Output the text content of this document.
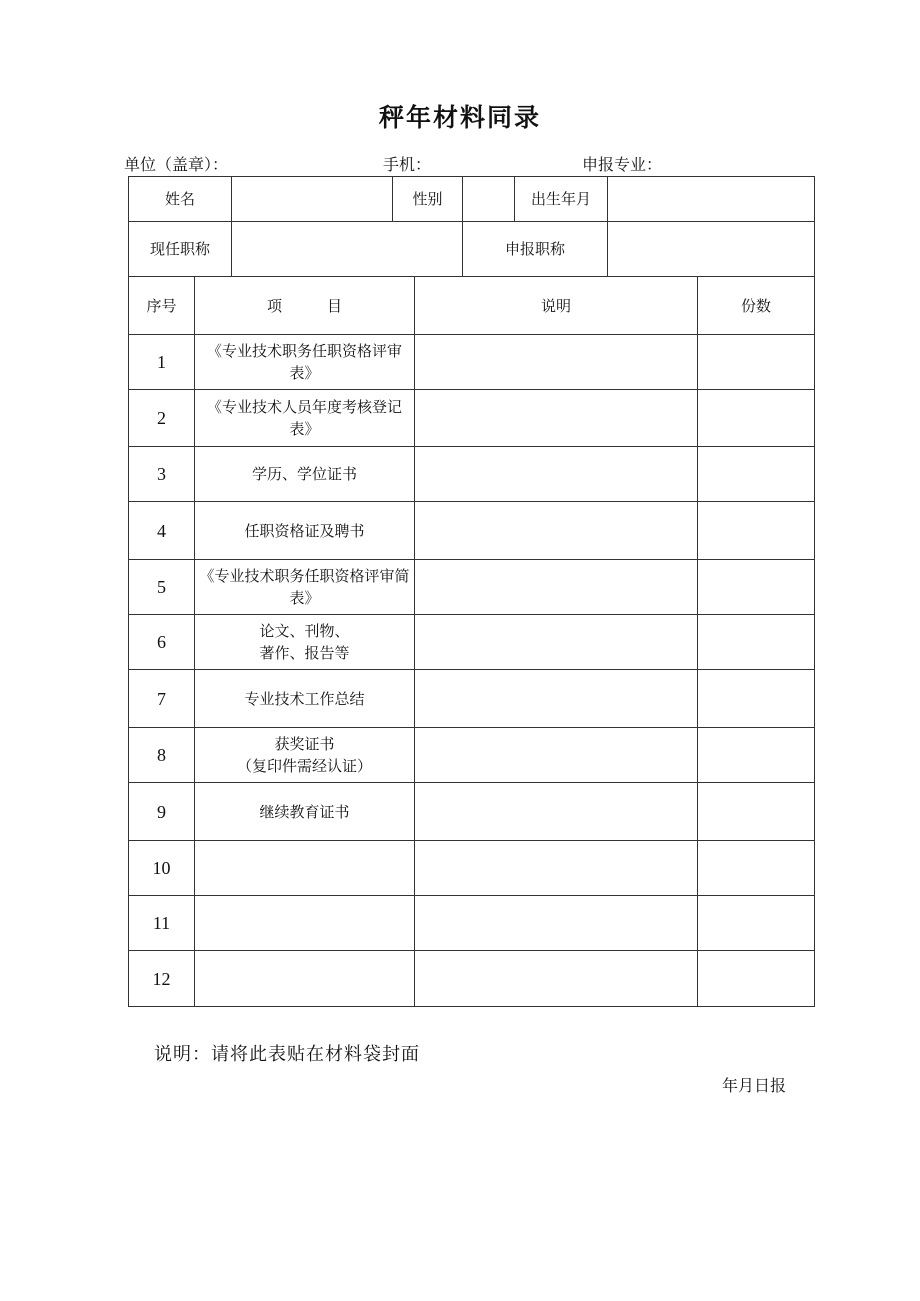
秤年材料同录
单位（盖章）：	手机：	申报专业：
姓名		性别		出生年月	
现任职称			申报职称		
序号	项　　　目	说明	份数
1	《专业技术职务任职资格评审表》		
2	《专业技术人员年度考核登记表》		
3	学历、学位证书		
4	任职资格证及聘书		
5	《专业技术职务任职资格评审简表》		
6	论文、刊物、
著作、报告等		
7	专业技术工作总结		
8	获奖证书
（复印件需经认证）		
9	继续教育证书		
10			
11			
12			
说明：请将此表贴在材料袋封面
年月日报
